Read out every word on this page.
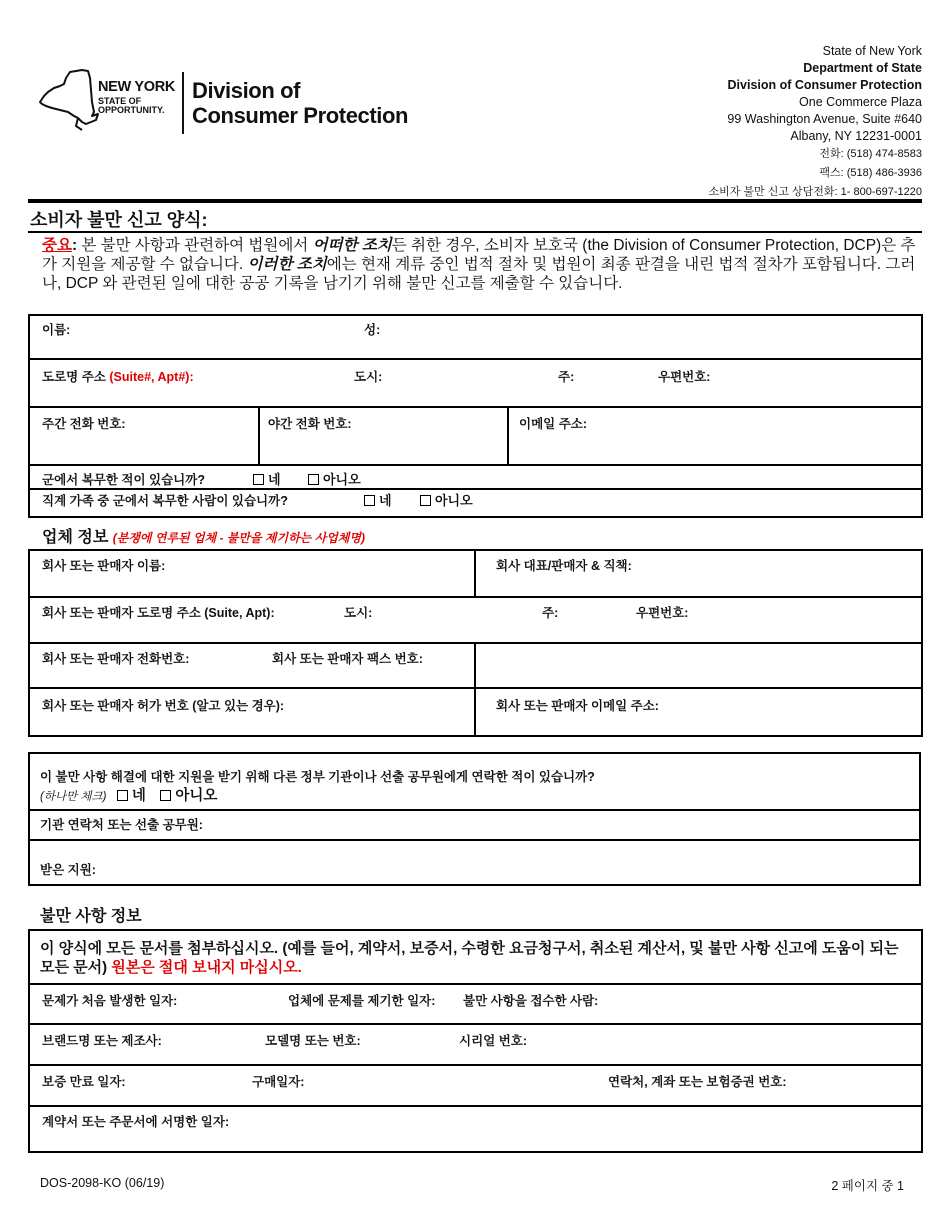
NEW YORK
STATE OF
OPPORTUNITY.
Division of
Consumer Protection
State of New York
Department of State
Division of Consumer Protection
One Commerce Plaza
99 Washington Avenue, Suite #640
Albany, NY 12231-0001
전화: (518) 474-8583
팩스: (518) 486-3936
소비자 불만 신고 상담전화: 1- 800-697-1220
소비자 불만 신고 양식:
중요: 본 불만 사항과 관련하여 법원에서 어떠한 조치든 취한 경우, 소비자 보호국 (the Division of Consumer Protection, DCP)은 추가 지원을 제공할 수 없습니다. 이러한 조치에는 현재 계류 중인 법적 절차 및 법원이 최종 판결을 내린 법적 절차가 포함됩니다. 그러나, DCP 와 관련된 일에 대한 공공 기록을 남기기 위해 불만 신고를 제출할 수 있습니다.
이름:	성:
도로명 주소 (Suite#, Apt#):	도시:	주:	우편번호:
주간 전화 번호:	야간 전화 번호:	이메일 주소:
군에서 복무한 적이 있습니까?	네	아니오
직계 가족 중 군에서 복무한 사람이 있습니까?	네	아니오
업체 정보 (분쟁에 연루된 업체 - 불만을 제기하는 사업체명)
회사 또는 판매자 이름:	회사 대표/판매자 & 직책:
회사 또는 판매자 도로명 주소 (Suite, Apt):	도시:	주:	우편번호:
회사 또는 판매자 전화번호:	회사 또는 판매자 팩스 번호:
회사 또는 판매자 허가 번호 (알고 있는 경우):	회사 또는 판매자 이메일 주소:
이 불만 사항 해결에 대한 지원을 받기 위해 다른 정부 기관이나 선출 공무원에게 연락한 적이 있습니까?
(하나만 체크) 네 아니오
기관 연락처 또는 선출 공무원:
받은 지원:
불만 사항 정보
이 양식에 모든 문서를 첨부하십시오. (예를 들어, 계약서, 보증서, 수령한 요금청구서, 취소된 계산서, 및 불만 사항 신고에 도움이 되는 모든 문서) 원본은 절대 보내지 마십시오.
문제가 처음 발생한 일자:	업체에 문제를 제기한 일자: 불만 사항을 접수한 사람:
브랜드명 또는 제조사:	모델명 또는 번호:	시리얼 번호:
보증 만료 일자:	구매일자:	연락처, 계좌 또는 보험증권 번호:
계약서 또는 주문서에 서명한 일자:
DOS-2098-KO (06/19)	2 페이지 중 1
